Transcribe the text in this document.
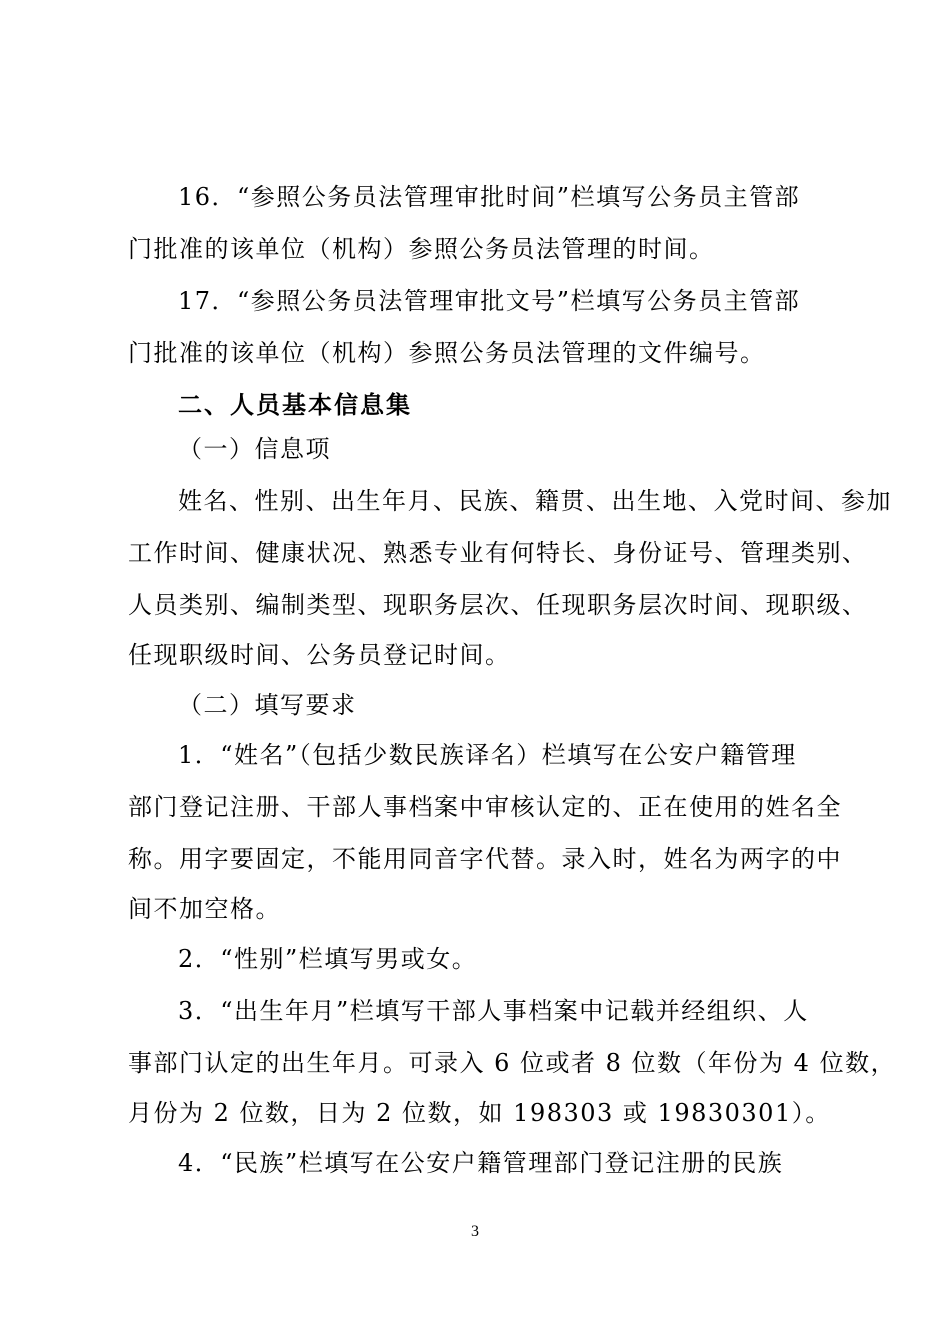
16．“参照公务员法管理审批时间”栏填写公务员主管部
门批准的该单位（机构）参照公务员法管理的时间。
17．“参照公务员法管理审批文号”栏填写公务员主管部
门批准的该单位（机构）参照公务员法管理的文件编号。
二、人员基本信息集
（一）信息项
姓名、性别、出生年月、民族、籍贯、出生地、入党时间、参加
工作时间、健康状况、熟悉专业有何特长、身份证号、管理类别、
人员类别、编制类型、现职务层次、任现职务层次时间、现职级、
任现职级时间、公务员登记时间。
（二）填写要求
1．“姓名”（包括少数民族译名）栏填写在公安户籍管理
部门登记注册、干部人事档案中审核认定的、正在使用的姓名全
称。用字要固定，不能用同音字代替。录入时，姓名为两字的中
间不加空格。
2．“性别”栏填写男或女。
3．“出生年月”栏填写干部人事档案中记载并经组织、人
事部门认定的出生年月。可录入 6 位或者 8 位数（年份为 4 位数，
月份为 2 位数，日为 2 位数，如 198303 或 19830301）。
4．“民族”栏填写在公安户籍管理部门登记注册的民族
3
